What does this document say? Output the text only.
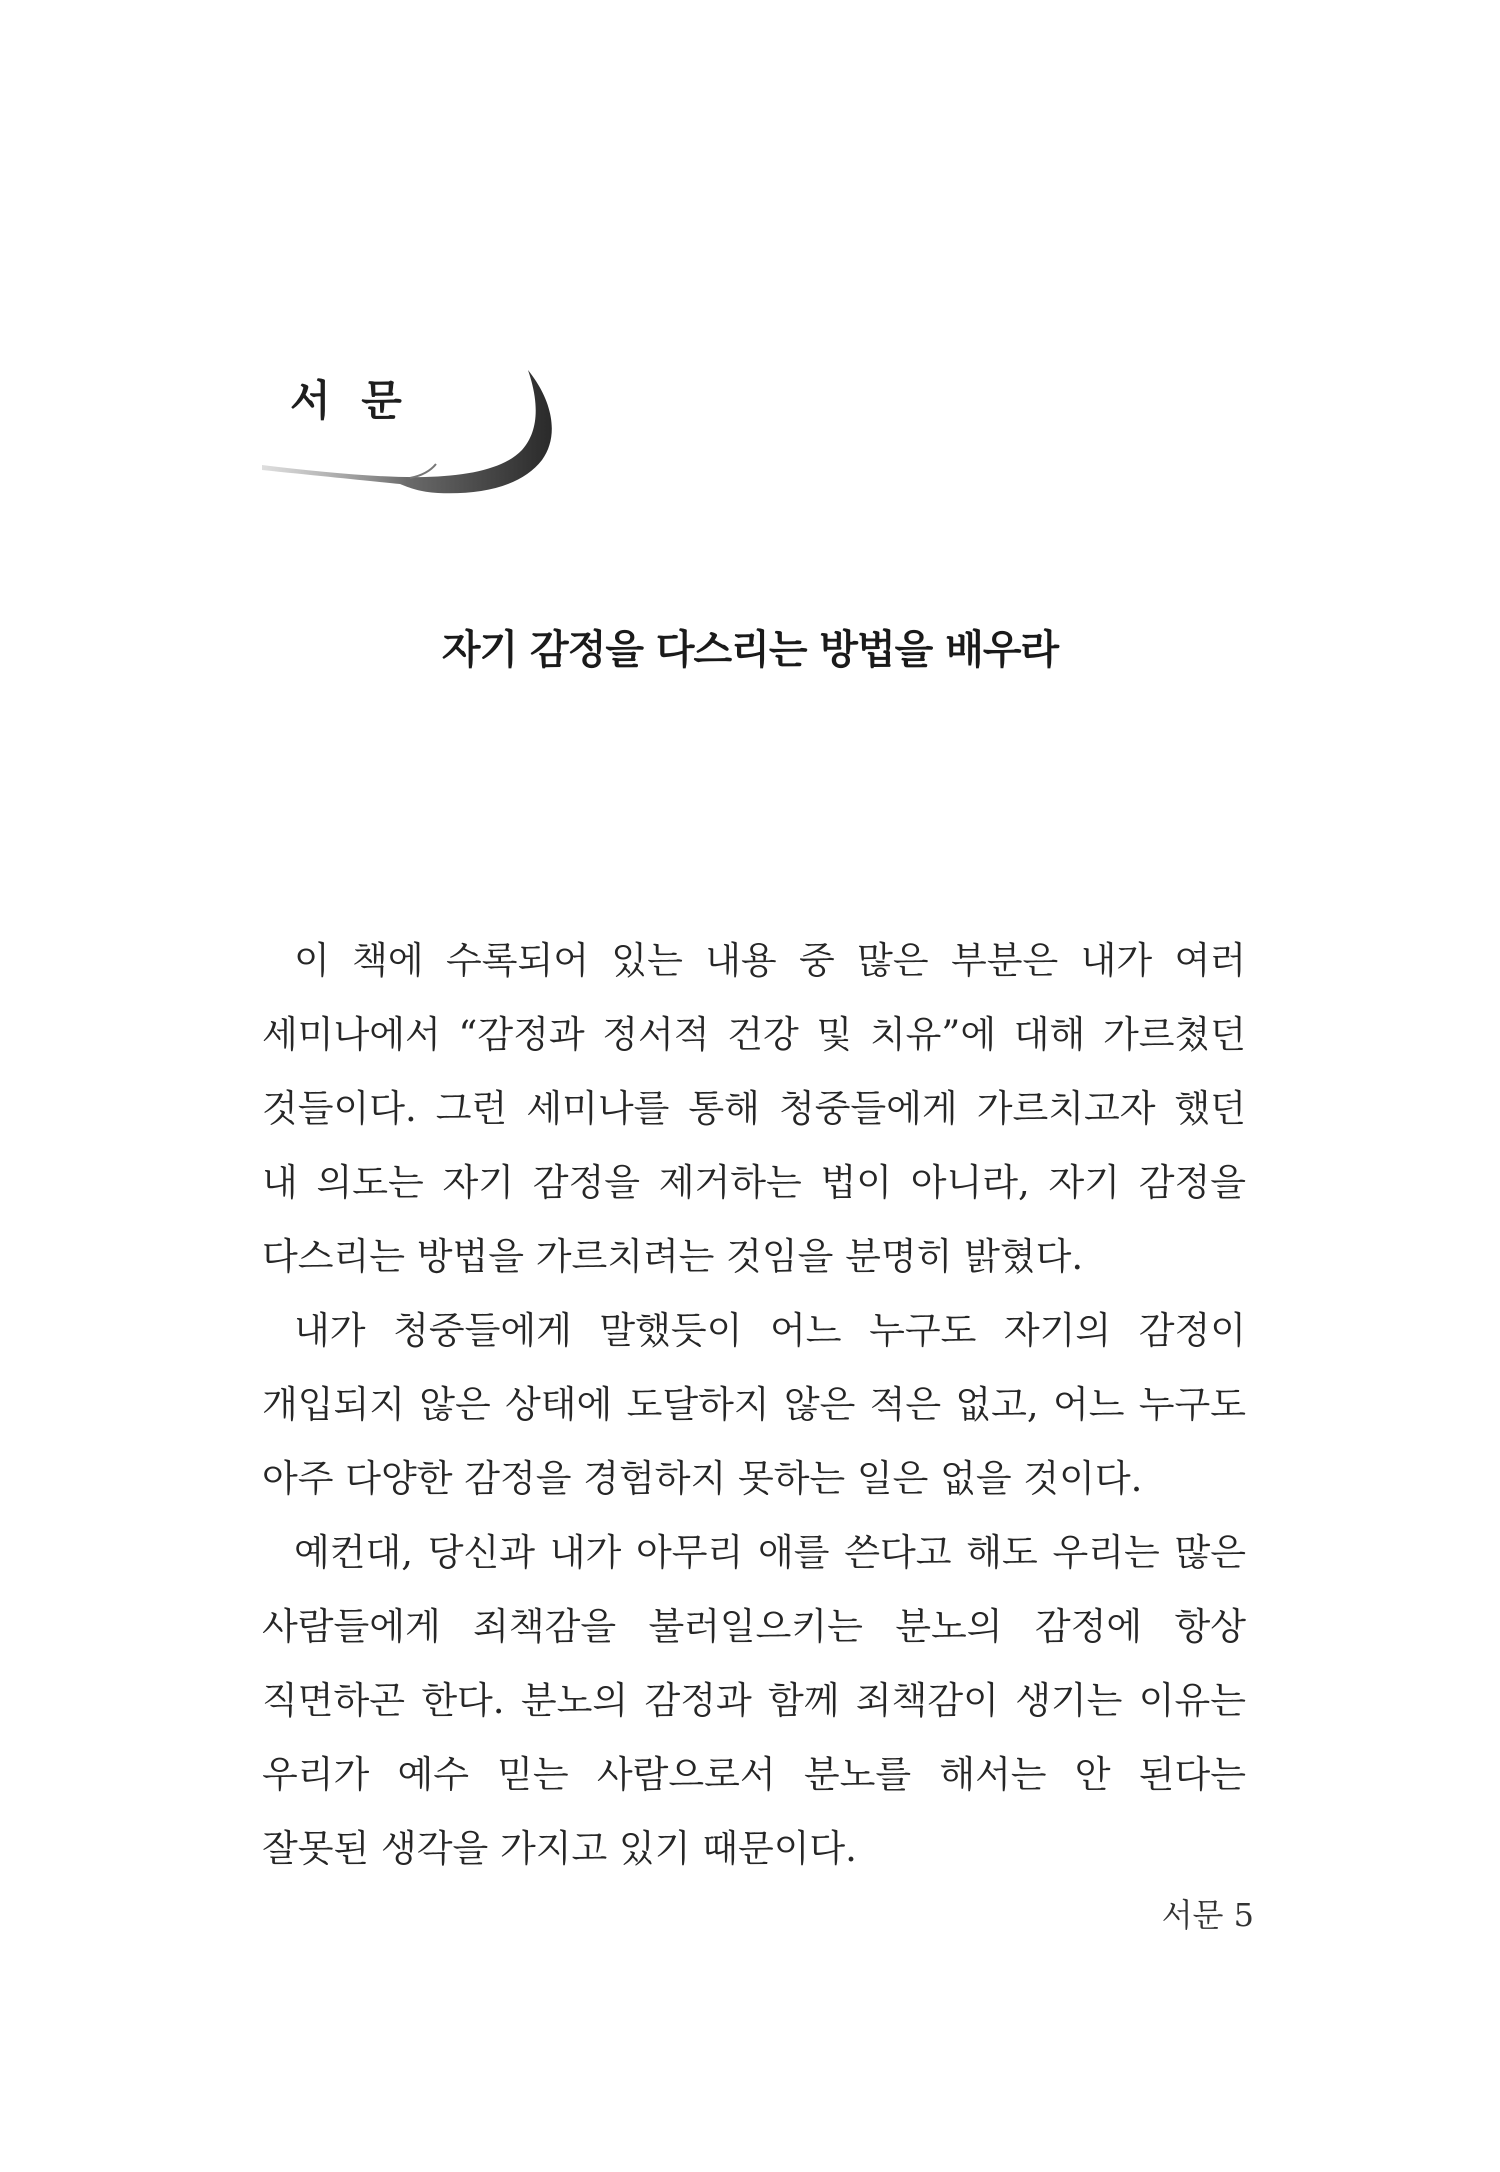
서 문
자기 감정을 다스리는 방법을 배우라

이 책에 수록되어 있는 내용 중 많은 부분은 내가 여러 세미나에서 “감정과 정서적 건강 및 치유”에 대해 가르쳤던 것들이다. 그런 세미나를 통해 청중들에게 가르치고자 했던 내 의도는 자기 감정을 제거하는 법이 아니라, 자기 감정을 다스리는 방법을 가르치려는 것임을 분명히 밝혔다.

내가 청중들에게 말했듯이 어느 누구도 자기의 감정이 개입되지 않은 상태에 도달하지 않은 적은 없고, 어느 누구도 아주 다양한 감정을 경험하지 못하는 일은 없을 것이다.

예컨대, 당신과 내가 아무리 애를 쓴다고 해도 우리는 많은 사람들에게 죄책감을 불러일으키는 분노의 감정에 항상 직면하곤 한다. 분노의 감정과 함께 죄책감이 생기는 이유는 우리가 예수 믿는 사람으로서 분노를 해서는 안 된다는 잘못된 생각을 가지고 있기 때문이다.

서문 5
